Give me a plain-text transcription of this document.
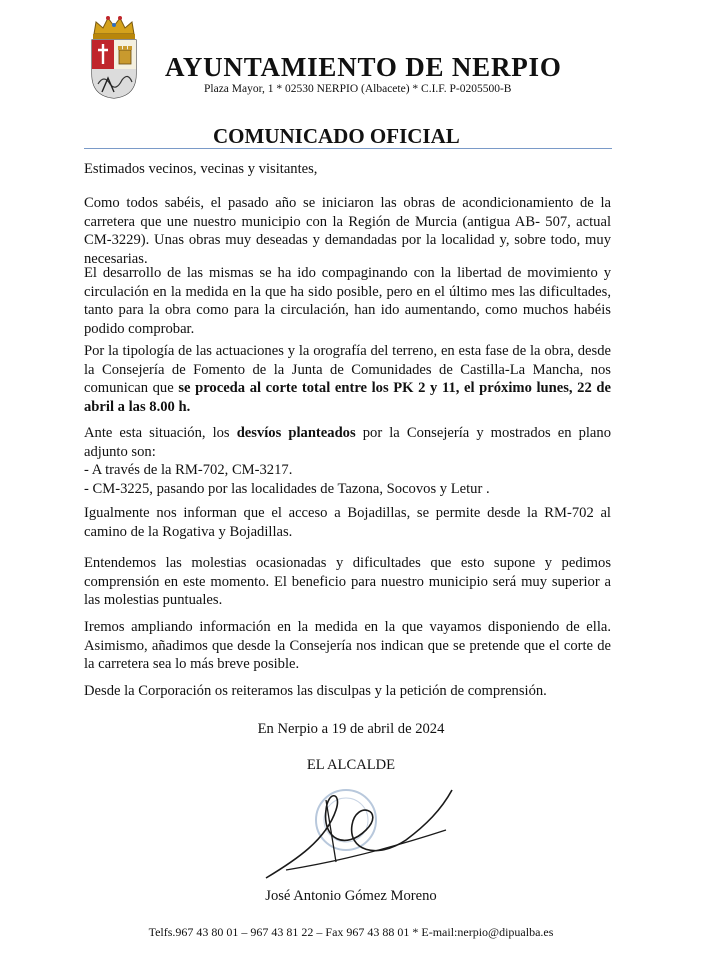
AYUNTAMIENTO DE NERPIO
Plaza Mayor, 1 * 02530 NERPIO (Albacete) * C.I.F. P-0205500-B
COMUNICADO OFICIAL

Estimados vecinos, vecinas y visitantes,

Como todos sabéis, el pasado año se iniciaron las obras de acondicionamiento de la carretera que une nuestro municipio con la Región de Murcia (antigua AB- 507, actual CM-3229). Unas obras muy deseadas y demandadas por la localidad y, sobre todo, muy necesarias.

El desarrollo de las mismas se ha ido compaginando con la libertad de movimiento y circulación en la medida en la que ha sido posible, pero en el último mes las dificultades, tanto para la obra como para la circulación, han ido aumentando, como muchos habéis podido comprobar.

Por la tipología de las actuaciones y la orografía del terreno, en esta fase de la obra, desde la Consejería de Fomento de la Junta de Comunidades de Castilla-La Mancha, nos comunican que se proceda al corte total entre los PK 2 y 11, el próximo lunes, 22 de abril a las 8.00 h.

Ante esta situación, los desvíos planteados por la Consejería y mostrados en plano adjunto son:
- A través de la RM-702, CM-3217.
- CM-3225, pasando por las localidades de Tazona, Socovos y Letur .

Igualmente nos informan que el acceso a Bojadillas, se permite desde la RM-702 al camino de la Rogativa y Bojadillas.

Entendemos las molestias ocasionadas y dificultades que esto supone y pedimos comprensión en este momento. El beneficio para nuestro municipio será muy superior a las molestias puntuales.

Iremos ampliando información en la medida en la que vayamos disponiendo de ella. Asimismo, añadimos que desde la Consejería nos indican que se pretende que el corte de la carretera sea lo más breve posible.

Desde la Corporación os reiteramos las disculpas y la petición de comprensión.

En Nerpio a 19 de abril de 2024
EL ALCALDE
José Antonio Gómez Moreno
Telfs.967 43 80 01 – 967 43 81 22 – Fax 967 43 88 01 * E-mail:nerpio@dipualba.es
